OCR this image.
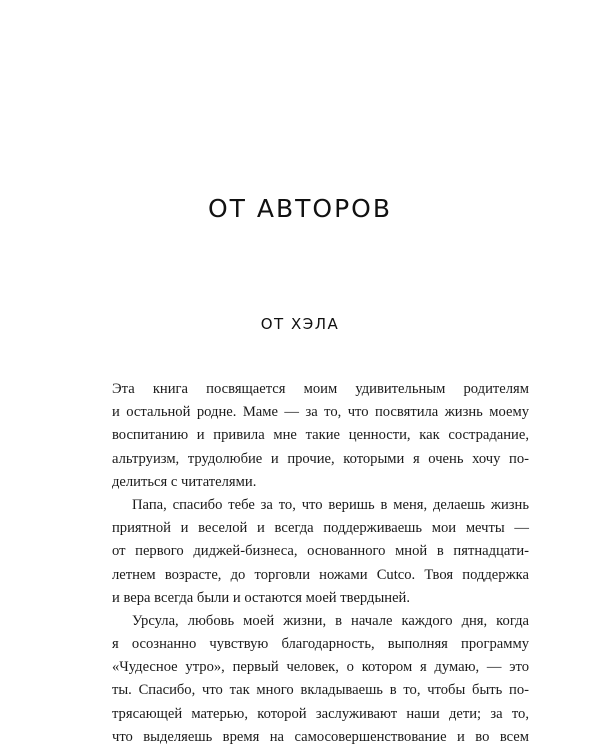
ОТ АВТОРОВ
ОТ ХЭЛА

Эта книга посвящается моим удивительным родителям
и остальной родне. Маме — за то, что посвятила жизнь моему
воспитанию и привила мне такие ценности, как сострадание,
альтруизм, трудолюбие и прочие, которыми я очень хочу по-
делиться с читателями.

Папа, спасибо тебе за то, что веришь в меня, делаешь жизнь
приятной и веселой и всегда поддерживаешь мои мечты —
от первого диджей-бизнеса, основанного мной в пятнадцати-
летнем возрасте, до торговли ножами Cutco. Твоя поддержка
и вера всегда были и остаются моей твердыней.

Урсула, любовь моей жизни, в начале каждого дня, когда
я осознанно чувствую благодарность, выполняя программу
«Чудесное утро», первый человек, о котором я думаю, — это
ты. Спасибо, что так много вкладываешь в то, чтобы быть по-
трясающей матерью, которой заслуживают наши дети; за то,
что выделяешь время на самосовершенствование и во всем
